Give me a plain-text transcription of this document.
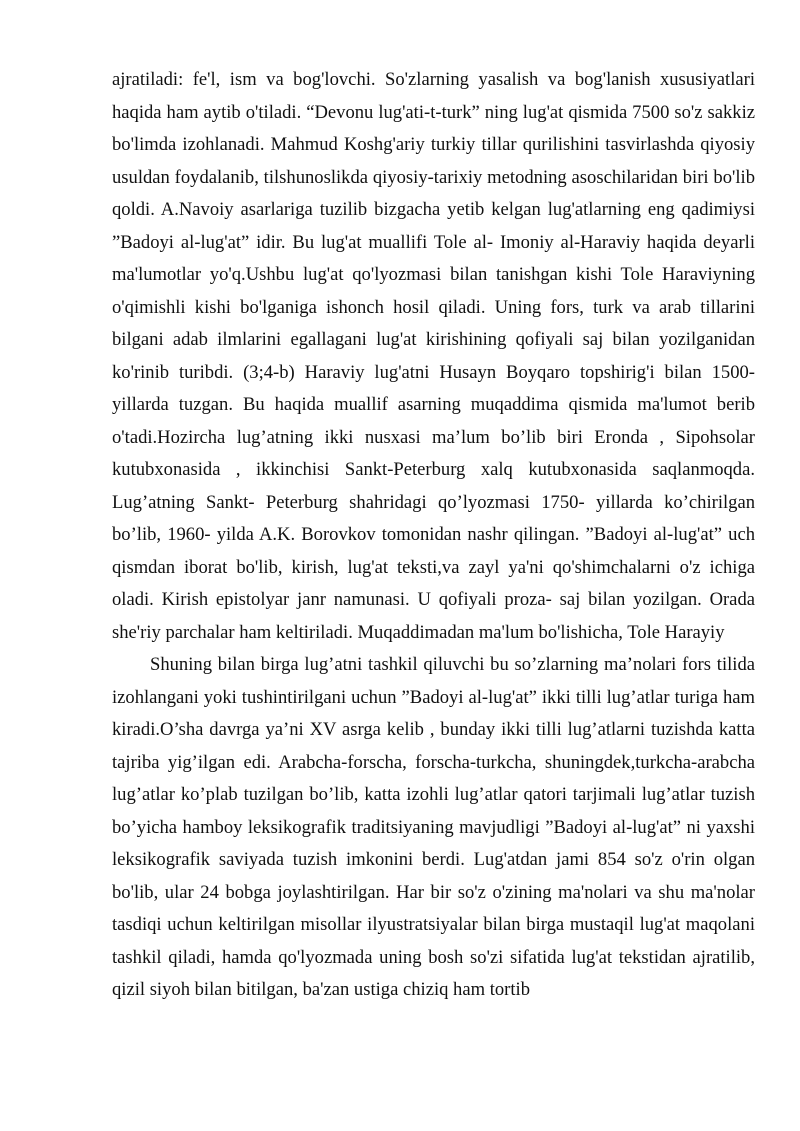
ajratiladi: fe'l, ism va bog'lovchi. So'zlarning yasalish va bog'lanish xususiyatlari haqida ham aytib o'tiladi. “Devonu lug'ati-t-turk” ning lug'at qismida 7500 so'z sakkiz bo'limda izohlanadi. Mahmud Koshg'ariy turkiy tillar qurilishini tasvirlashda qiyosiy usuldan foydalanib, tilshunoslikda qiyosiy-tarixiy metodning asoschilaridan biri bo'lib qoldi. A.Navoiy asarlariga tuzilib bizgacha yetib kelgan lug'atlarning eng qadimiysi ”Badoyi al-lug'at” idir. Bu lug'at muallifi Tole al- Imoniy al-Haraviy haqida deyarli ma'lumotlar yo'q.Ushbu lug'at qo'lyozmasi bilan tanishgan kishi Tole Haraviyning o'qimishli kishi bo'lganiga ishonch hosil qiladi. Uning fors, turk va arab tillarini bilgani adab ilmlarini egallagani lug'at kirishining qofiyali saj bilan yozilganidan ko'rinib turibdi. (3;4-b) Haraviy lug'atni Husayn Boyqaro topshirig'i bilan 1500- yillarda tuzgan. Bu haqida muallif asarning muqaddima qismida ma'lumot berib o'tadi.Hozircha lug’atning ikki nusxasi ma’lum bo’lib biri Eronda , Sipohsolar kutubxonasida , ikkinchisi Sankt-Peterburg xalq kutubxonasida saqlanmoqda. Lug’atning Sankt- Peterburg shahridagi qo’lyozmasi 1750- yillarda ko’chirilgan bo’lib, 1960- yilda A.K. Borovkov tomonidan nashr qilingan. ”Badoyi al-lug'at” uch qismdan iborat bo'lib, kirish, lug'at teksti,va zayl ya'ni qo'shimchalarni o'z ichiga oladi. Kirish epistolyar janr namunasi. U qofiyali proza- saj bilan yozilgan. Orada she'riy parchalar ham keltiriladi. Muqaddimadan ma'lum bo'lishicha, Tole Harayiy

Shuning bilan birga lug’atni tashkil qiluvchi bu so’zlarning ma’nolari fors tilida izohlangani yoki tushintirilgani uchun ”Badoyi al-lug'at” ikki tilli lug’atlar turiga ham kiradi.O’sha davrga ya’ni XV asrga kelib , bunday ikki tilli lug’atlarni tuzishda katta tajriba yig’ilgan edi. Arabcha-forscha, forscha-turkcha, shuningdek,turkcha-arabcha lug’atlar ko’plab tuzilgan bo’lib, katta izohli lug’atlar qatori tarjimali lug’atlar tuzish bo’yicha hamboy leksikografik traditsiyaning mavjudligi ”Badoyi al-lug'at” ni yaxshi leksikografik saviyada tuzish imkonini berdi. Lug'atdan jami 854 so'z o'rin olgan bo'lib, ular 24 bobga joylashtirilgan. Har bir so'z o'zining ma'nolari va shu ma'nolar tasdiqi uchun keltirilgan misollar ilyustratsiyalar bilan birga mustaqil lug'at maqolani tashkil qiladi, hamda qo'lyozmada uning bosh so'zi sifatida lug'at tekstidan ajratilib, qizil siyoh bilan bitilgan, ba'zan ustiga chiziq ham tortib
